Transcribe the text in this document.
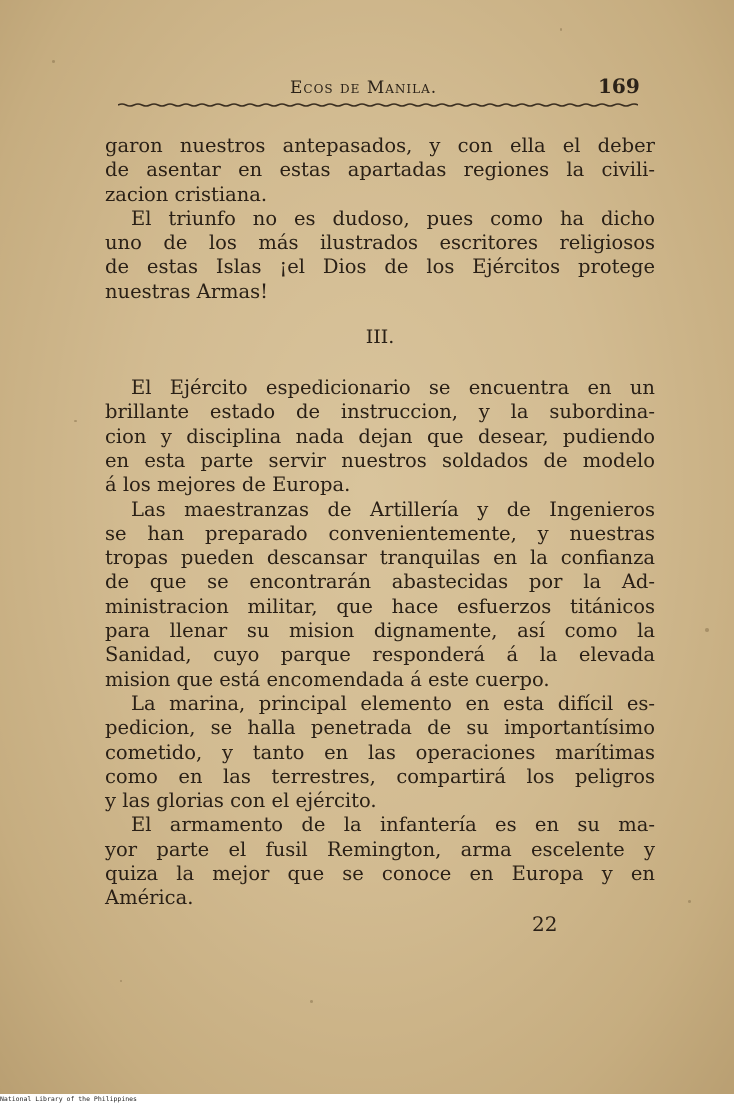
Ecos de Manila.	169
garon nuestros antepasados, y con ella el deber
de asentar en estas apartadas regiones la civili-
zacion cristiana.
El triunfo no es dudoso, pues como ha dicho
uno de los más ilustrados escritores religiosos
de estas Islas ¡el Dios de los Ejércitos protege
nuestras Armas!
III.
El Ejército espedicionario se encuentra en un
brillante estado de instruccion, y la subordina-
cion y disciplina nada dejan que desear, pudiendo
en esta parte servir nuestros soldados de modelo
á los mejores de Europa.
Las maestranzas de Artillería y de Ingenieros
se han preparado convenientemente, y nuestras
tropas pueden descansar tranquilas en la confianza
de que se encontrarán abastecidas por la Ad-
ministracion militar, que hace esfuerzos titánicos
para llenar su mision dignamente, así como la
Sanidad, cuyo parque responderá á la elevada
mision que está encomendada á este cuerpo.
La marina, principal elemento en esta difícil es-
pedicion, se halla penetrada de su importantísimo
cometido, y tanto en las operaciones marítimas
como en las terrestres, compartirá los peligros
y las glorias con el ejército.
El armamento de la infantería es en su ma-
yor parte el fusil Remington, arma escelente y
quiza la mejor que se conoce en Europa y en
América.
22
National Library of the Philippines
